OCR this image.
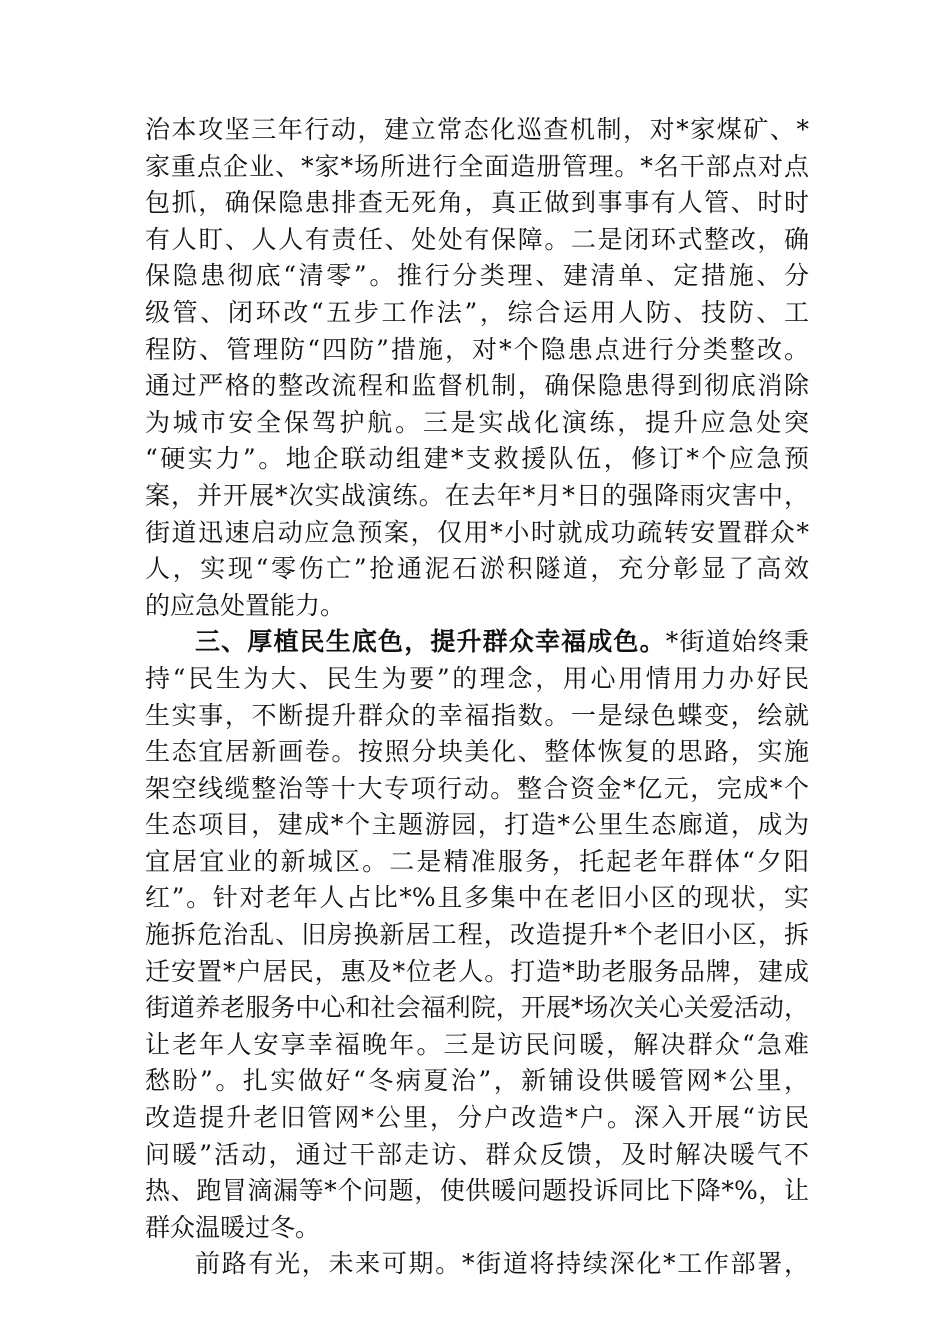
治本攻坚三年行动，建立常态化巡查机制，对*家煤矿、*
家重点企业、*家*场所进行全面造册管理。*名干部点对点
包抓，确保隐患排查无死角，真正做到事事有人管、时时
有人盯、人人有责任、处处有保障。二是闭环式整改，确
保隐患彻底“清零”。推行分类理、建清单、定措施、分
级管、闭环改“五步工作法”，综合运用人防、技防、工
程防、管理防“四防”措施，对*个隐患点进行分类整改。
通过严格的整改流程和监督机制，确保隐患得到彻底消除
为城市安全保驾护航。三是实战化演练，提升应急处突
“硬实力”。地企联动组建*支救援队伍，修订*个应急预
案，并开展*次实战演练。在去年*月*日的强降雨灾害中，
街道迅速启动应急预案，仅用*小时就成功疏转安置群众*
人，实现“零伤亡”抢通泥石淤积隧道，充分彰显了高效
的应急处置能力。
三、厚植民生底色，提升群众幸福成色。*街道始终秉
持“民生为大、民生为要”的理念，用心用情用力办好民
生实事，不断提升群众的幸福指数。一是绿色蝶变，绘就
生态宜居新画卷。按照分块美化、整体恢复的思路，实施
架空线缆整治等十大专项行动。整合资金*亿元，完成*个
生态项目，建成*个主题游园，打造*公里生态廊道，成为
宜居宜业的新城区。二是精准服务，托起老年群体“夕阳
红”。针对老年人占比*%且多集中在老旧小区的现状，实
施拆危治乱、旧房换新居工程，改造提升*个老旧小区，拆
迁安置*户居民，惠及*位老人。打造*助老服务品牌，建成
街道养老服务中心和社会福利院，开展*场次关心关爱活动，
让老年人安享幸福晚年。三是访民问暖，解决群众“急难
愁盼”。扎实做好“冬病夏治”，新铺设供暖管网*公里，
改造提升老旧管网*公里，分户改造*户。深入开展“访民
问暖”活动，通过干部走访、群众反馈，及时解决暖气不
热、跑冒滴漏等*个问题，使供暖问题投诉同比下降*%，让
群众温暖过冬。
前路有光，未来可期。*街道将持续深化*工作部署，
